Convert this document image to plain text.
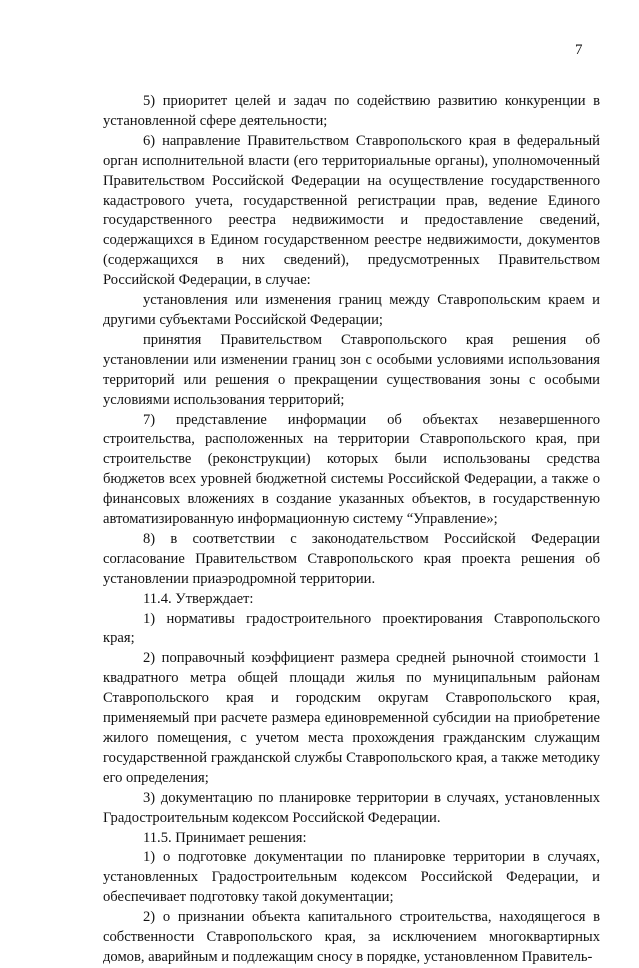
7

5) приоритет целей и задач по содействию развитию конкуренции в установленной сфере деятельности;

6) направление Правительством Ставропольского края в федеральный орган исполнительной власти (его территориальные органы), уполномоченный Правительством Российской Федерации на осуществление государственного кадастрового учета, государственной регистрации прав, ведение Единого государственного реестра недвижимости и предоставление сведений, содержащихся в Едином государственном реестре недвижимости, документов (содержащихся в них сведений), предусмотренных Правительством Российской Федерации, в случае:

установления или изменения границ между Ставропольским краем и другими субъектами Российской Федерации;

принятия Правительством Ставропольского края решения об установлении или изменении границ зон с особыми условиями использования территорий или решения о прекращении существования зоны с особыми условиями использования территорий;

7) представление информации об объектах незавершенного строительства, расположенных на территории Ставропольского края, при строительстве (реконструкции) которых были использованы средства бюджетов всех уровней бюджетной системы Российской Федерации, а также о финансовых вложениях в создание указанных объектов, в государственную автоматизированную информационную систему “Управление»;

8) в соответствии с законодательством Российской Федерации согласование Правительством Ставропольского края проекта решения об установлении приаэродромной территории.

11.4. Утверждает:

1) нормативы градостроительного проектирования Ставропольского края;

2) поправочный коэффициент размера средней рыночной стоимости 1 квадратного метра общей площади жилья по муниципальным районам Ставропольского края и городским округам Ставропольского края, применяемый при расчете размера единовременной субсидии на приобретение жилого помещения, с учетом места прохождения гражданским служащим государственной гражданской службы Ставропольского края, а также методику его определения;

3) документацию по планировке территории в случаях, установленных Градостроительным кодексом Российской Федерации.

11.5. Принимает решения:

1) о подготовке документации по планировке территории в случаях, установленных Градостроительным кодексом Российской Федерации, и обеспечивает подготовку такой документации;

2) о признании объекта капитального строительства, находящегося в собственности Ставропольского края, за исключением многоквартирных домов, аварийным и подлежащим сносу в порядке, установленном Правитель-
